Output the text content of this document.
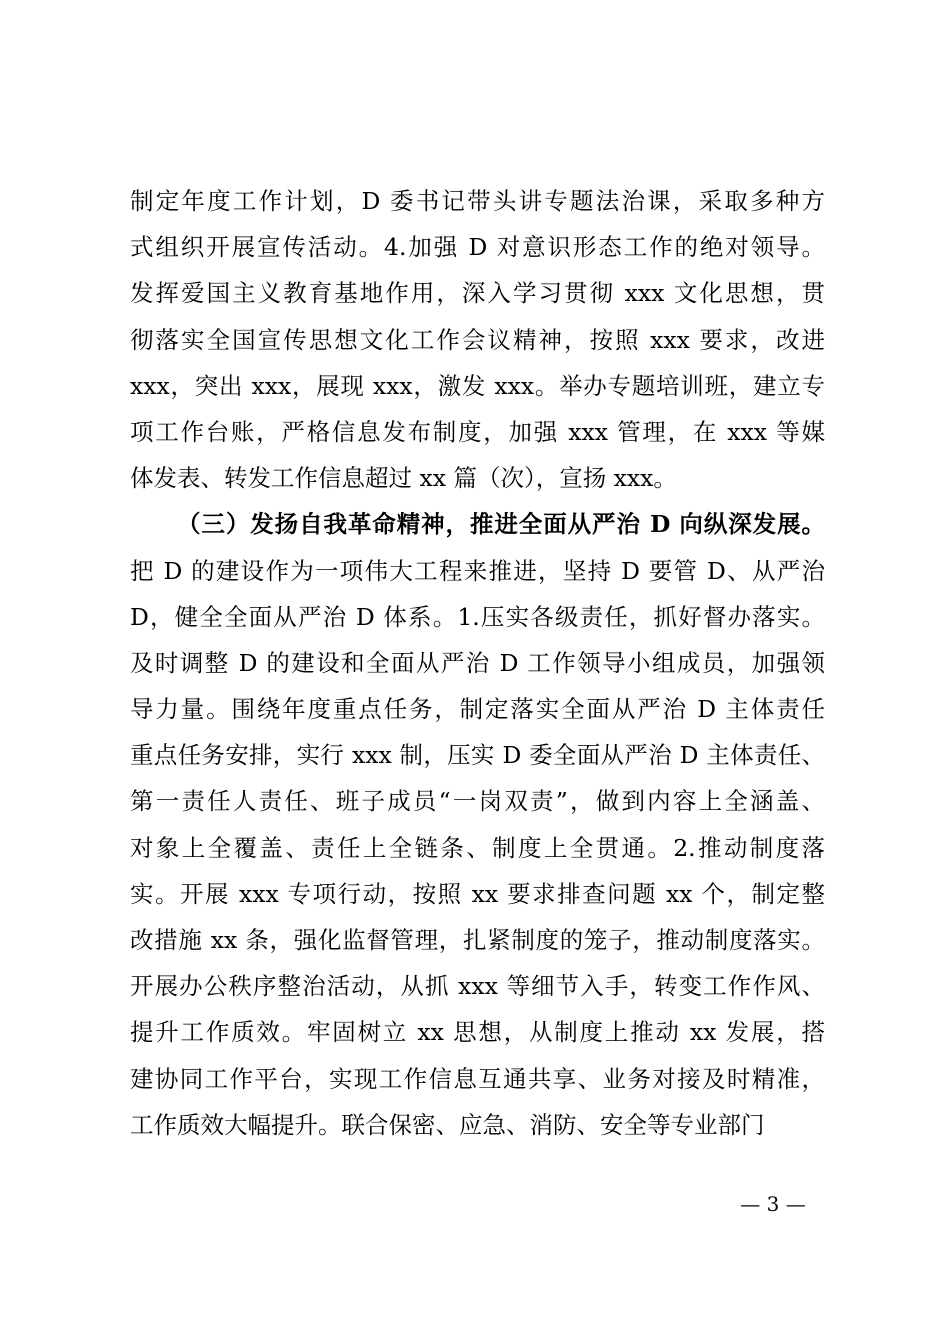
制定年度工作计划，D 委书记带头讲专题法治课，采取多种方
式组织开展宣传活动。4.加强 D 对意识形态工作的绝对领导。
发挥爱国主义教育基地作用，深入学习贯彻 xxx 文化思想，贯
彻落实全国宣传思想文化工作会议精神，按照 xxx 要求，改进
xxx，突出 xxx，展现 xxx，激发 xxx。举办专题培训班，建立专
项工作台账，严格信息发布制度，加强 xxx 管理，在 xxx 等媒
体发表、转发工作信息超过 xx 篇（次），宣扬 xxx。
（三）发扬自我革命精神，推进全面从严治 D 向纵深发展。
把 D 的建设作为一项伟大工程来推进，坚持 D 要管 D、从严治
D，健全全面从严治 D 体系。1.压实各级责任，抓好督办落实。
及时调整 D 的建设和全面从严治 D 工作领导小组成员，加强领
导力量。围绕年度重点任务，制定落实全面从严治 D 主体责任
重点任务安排，实行 xxx 制，压实 D 委全面从严治 D 主体责任、
第一责任人责任、班子成员“一岗双责”，做到内容上全涵盖、
对象上全覆盖、责任上全链条、制度上全贯通。2.推动制度落
实。开展 xxx 专项行动，按照 xx 要求排查问题 xx 个，制定整
改措施 xx 条，强化监督管理，扎紧制度的笼子，推动制度落实。
开展办公秩序整治活动，从抓 xxx 等细节入手，转变工作作风、
提升工作质效。牢固树立 xx 思想，从制度上推动 xx 发展，搭
建协同工作平台，实现工作信息互通共享、业务对接及时精准，
工作质效大幅提升。联合保密、应急、消防、安全等专业部门
— 3 —
